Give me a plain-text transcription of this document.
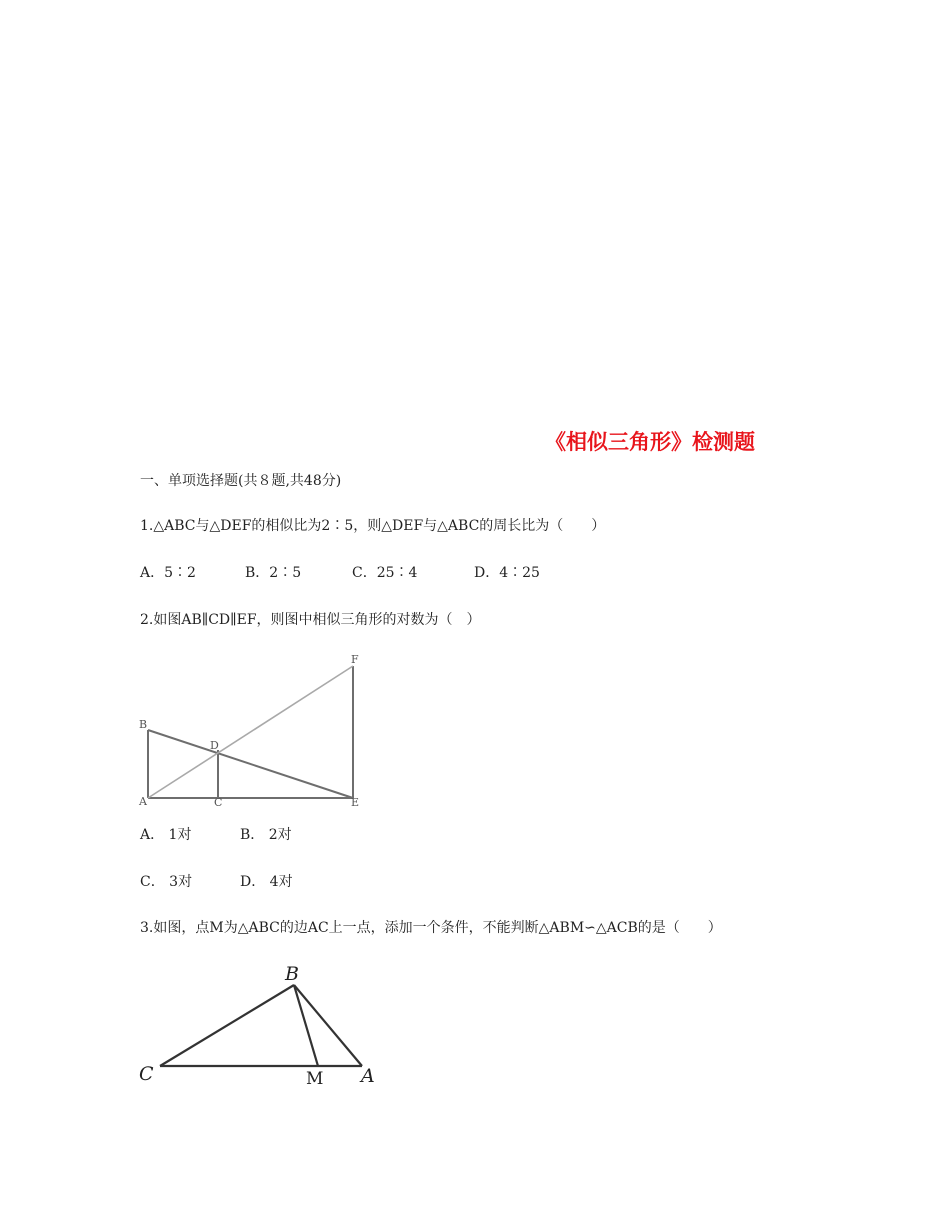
《相似三角形》检测题
一、单项选择题(共８题,共48分)
1.△ABC与△DEF的相似比为2∶5，则△DEF与△ABC的周长比为（　　）
A．5∶2	B．2∶5	C．25∶4	D．4∶25
2.如图AB∥CD∥EF，则图中相似三角形的对数为（　）
B
D
F
A	C	E
A． 1对	B． 2对
C． 3对	D． 4对
3.如图，点M为△ABC的边AC上一点，添加一个条件，不能判断△ABM∽△ACB的是（　　）
B
C	M A
